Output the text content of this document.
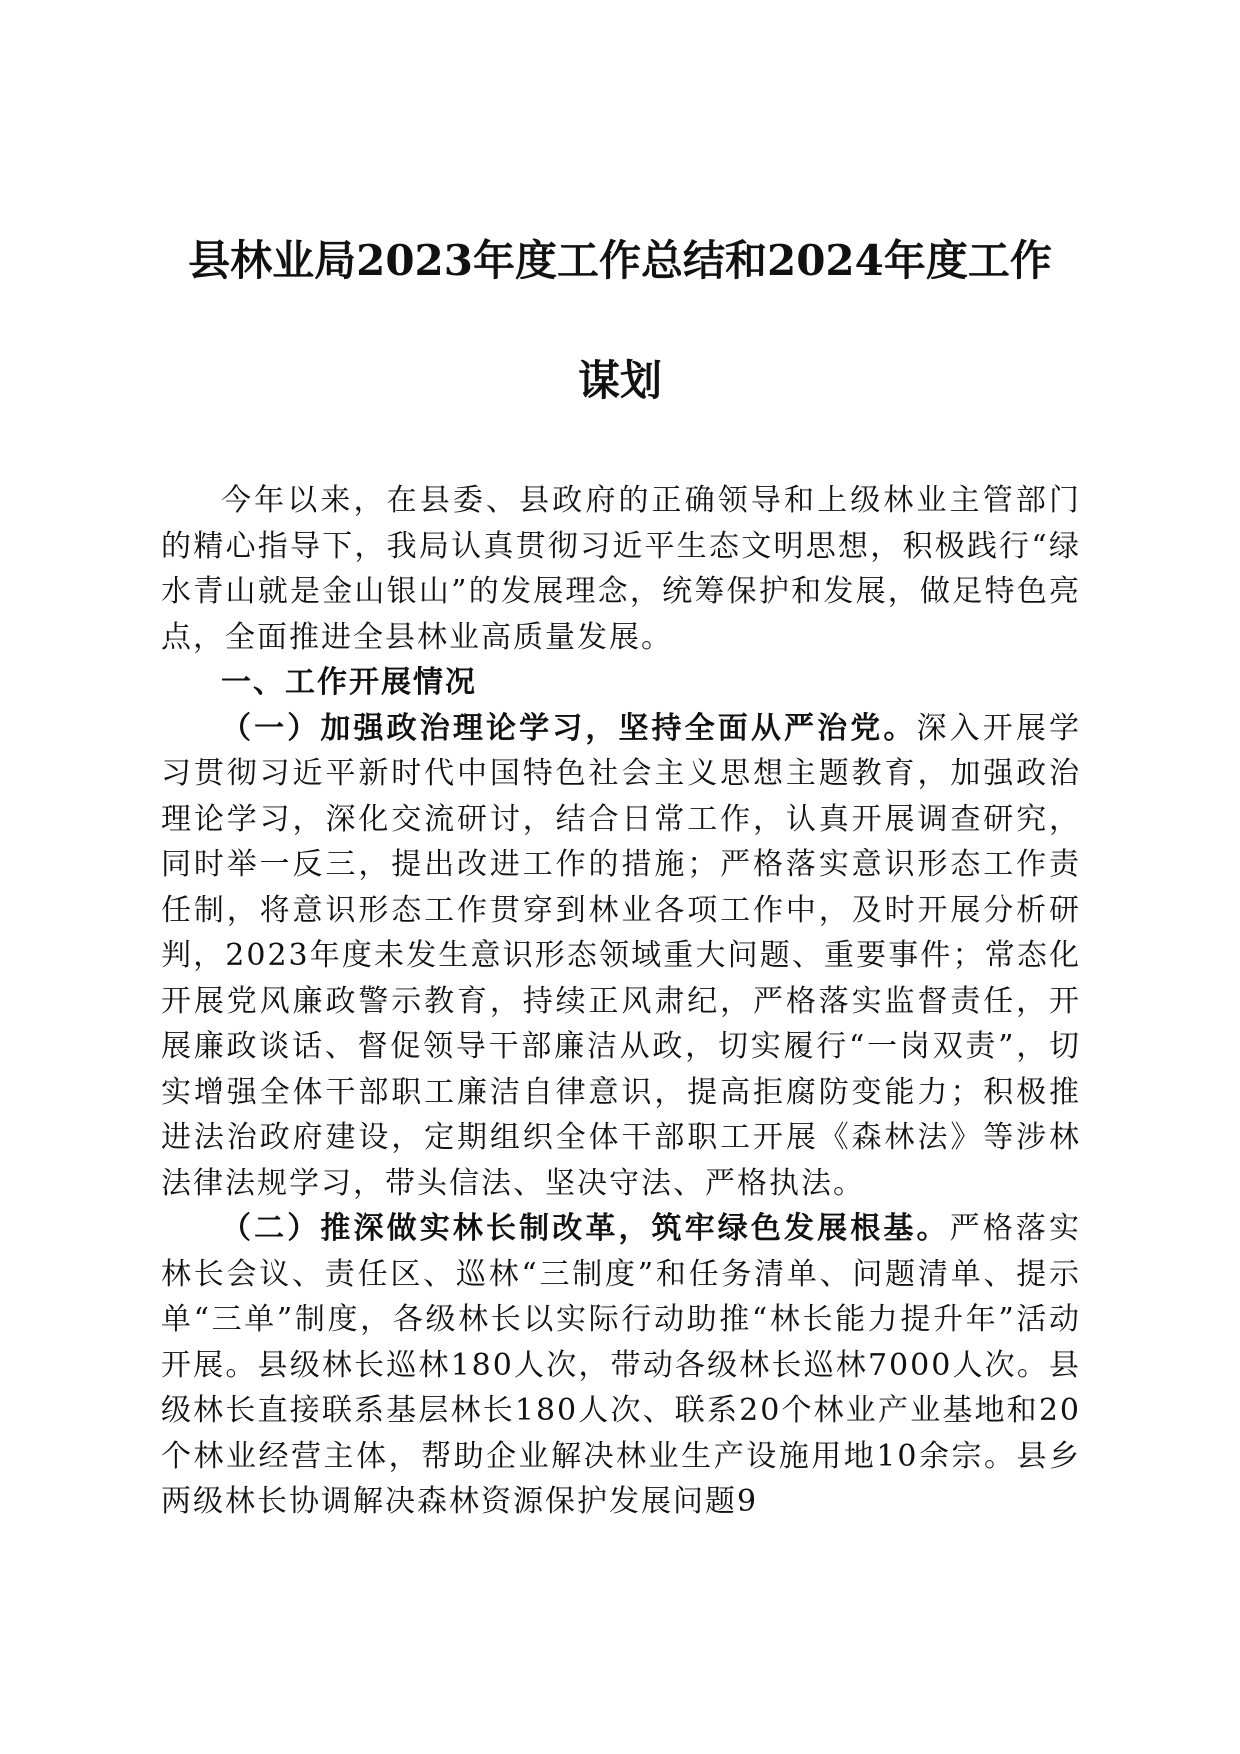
县林业局2023年度工作总结和2024年度工作
谋划

今年以来，在县委、县政府的正确领导和上级林业主管部门的精心指导下，我局认真贯彻习近平生态文明思想，积极践行“绿水青山就是金山银山”的发展理念，统筹保护和发展，做足特色亮点，全面推进全县林业高质量发展。

一、工作开展情况

（一）加强政治理论学习，坚持全面从严治党。深入开展学习贯彻习近平新时代中国特色社会主义思想主题教育，加强政治理论学习，深化交流研讨，结合日常工作，认真开展调查研究，同时举一反三，提出改进工作的措施；严格落实意识形态工作责任制，将意识形态工作贯穿到林业各项工作中，及时开展分析研判，2023年度未发生意识形态领域重大问题、重要事件；常态化开展党风廉政警示教育，持续正风肃纪，严格落实监督责任，开展廉政谈话、督促领导干部廉洁从政，切实履行“一岗双责”，切实增强全体干部职工廉洁自律意识，提高拒腐防变能力；积极推进法治政府建设，定期组织全体干部职工开展《森林法》等涉林法律法规学习，带头信法、坚决守法、严格执法。

（二）推深做实林长制改革，筑牢绿色发展根基。严格落实林长会议、责任区、巡林“三制度”和任务清单、问题清单、提示单“三单”制度，各级林长以实际行动助推“林长能力提升年”活动开展。县级林长巡林180人次，带动各级林长巡林7000人次。县级林长直接联系基层林长180人次、联系20个林业产业基地和20个林业经营主体，帮助企业解决林业生产设施用地10余宗。县乡两级林长协调解决森林资源保护发展问题9
